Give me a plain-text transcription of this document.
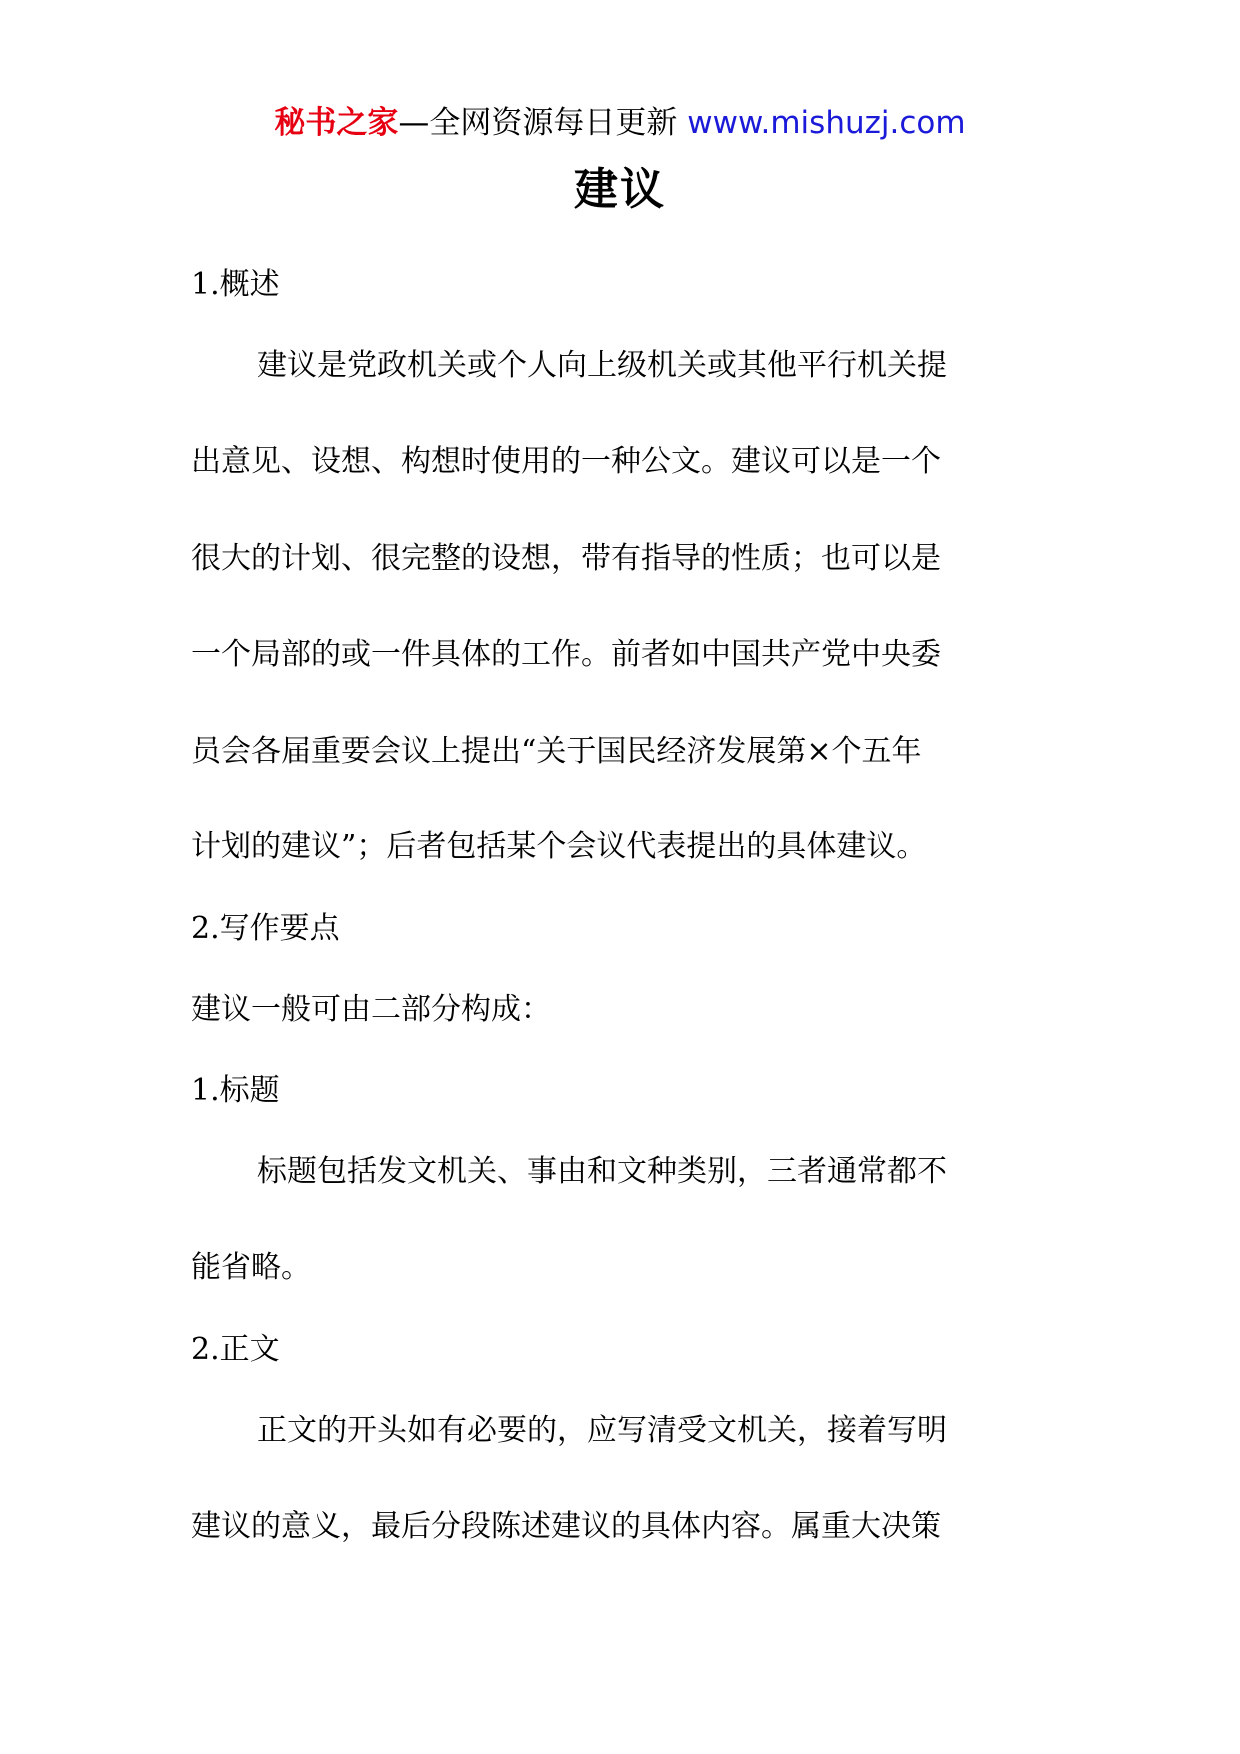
秘书之家—全网资源每日更新 www.mishuzj.com
建议
1.概述
建议是党政机关或个人向上级机关或其他平行机关提
出意见、设想、构想时使用的一种公文。建议可以是一个
很大的计划、很完整的设想，带有指导的性质；也可以是
一个局部的或一件具体的工作。前者如中国共产党中央委
员会各届重要会议上提出“关于国民经济发展第×个五年
计划的建议”；后者包括某个会议代表提出的具体建议。
2.写作要点
建议一般可由二部分构成：
1.标题
标题包括发文机关、事由和文种类别，三者通常都不
能省略。
2.正文
正文的开头如有必要的，应写清受文机关，接着写明
建议的意义，最后分段陈述建议的具体内容。属重大决策
